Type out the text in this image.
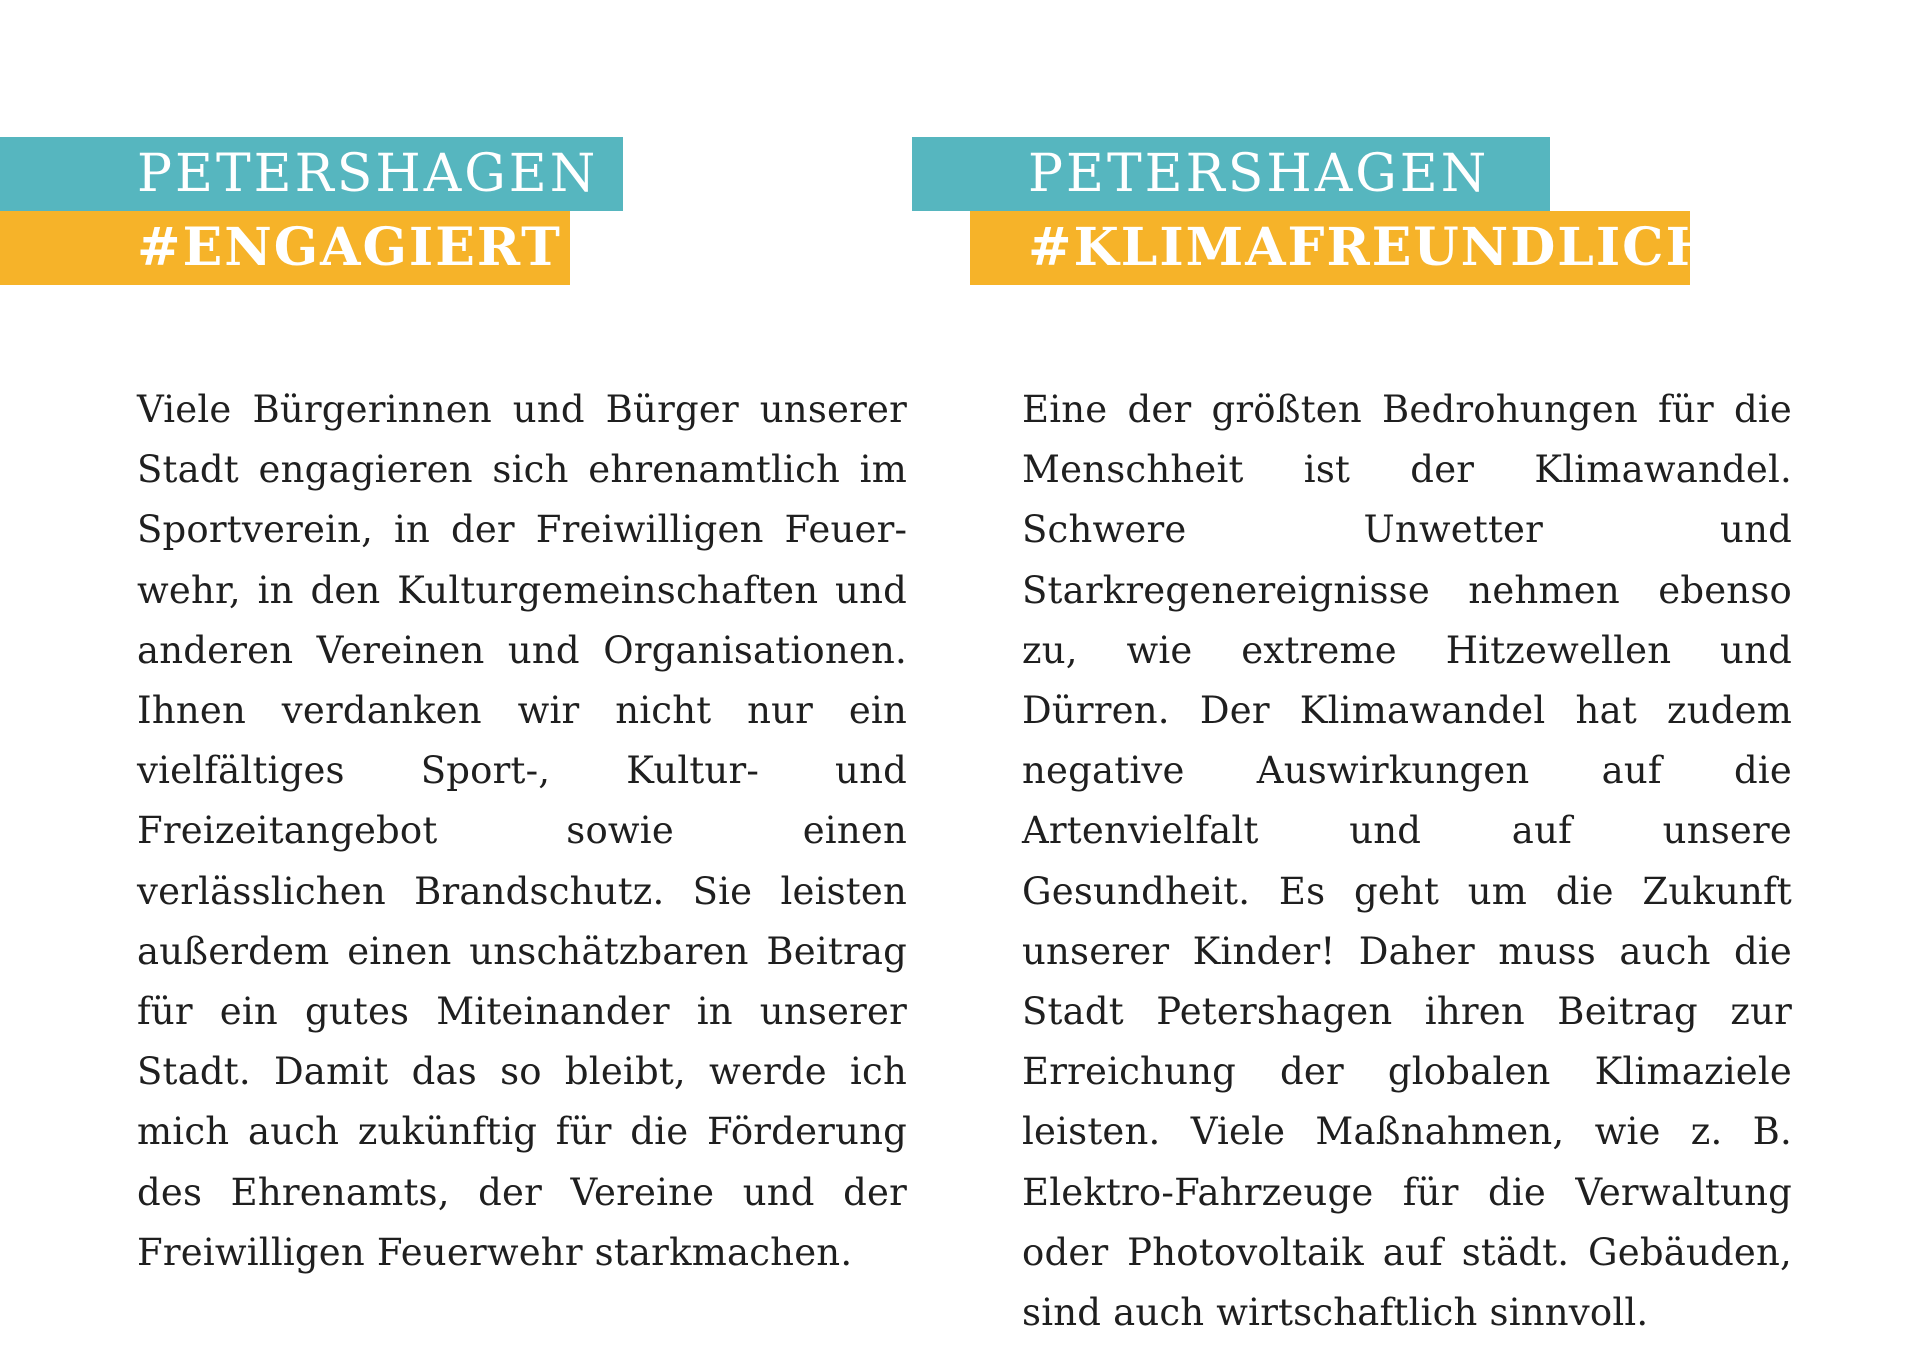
PETERSHAGEN
#ENGAGIERT
PETERSHAGEN
#KLIMAFREUNDLICH

Viele Bürgerinnen und Bürger unserer Stadt engagieren sich ehrenamtlich im Sportverein, in der Freiwilligen Feuerwehr, in den Kulturgemeinschaften und anderen Vereinen und Organisationen. Ihnen verdanken wir nicht nur ein vielfältiges Sport-, Kultur- und Freizeitangebot sowie einen verlässlichen Brandschutz. Sie leisten außerdem einen unschätzbaren Beitrag für ein gutes Miteinander in unserer Stadt. Damit das so bleibt, werde ich mich auch zukünftig für die Förderung des Ehrenamts, der Vereine und der Freiwilligen Feuerwehr starkmachen.

Eine der größten Bedrohungen für die Menschheit ist der Klimawandel. Schwere Unwetter und Starkregenereignisse nehmen ebenso zu, wie extreme Hitzewellen und Dürren. Der Klimawandel hat zudem negative Auswirkungen auf die Artenvielfalt und auf unsere Gesundheit. Es geht um die Zukunft unserer Kinder! Daher muss auch die Stadt Petershagen ihren Beitrag zur Erreichung der globalen Klimaziele leisten. Viele Maßnahmen, wie z. B. Elektro-Fahrzeuge für die Verwaltung oder Photovoltaik auf städt. Gebäuden, sind auch wirtschaftlich sinnvoll.
